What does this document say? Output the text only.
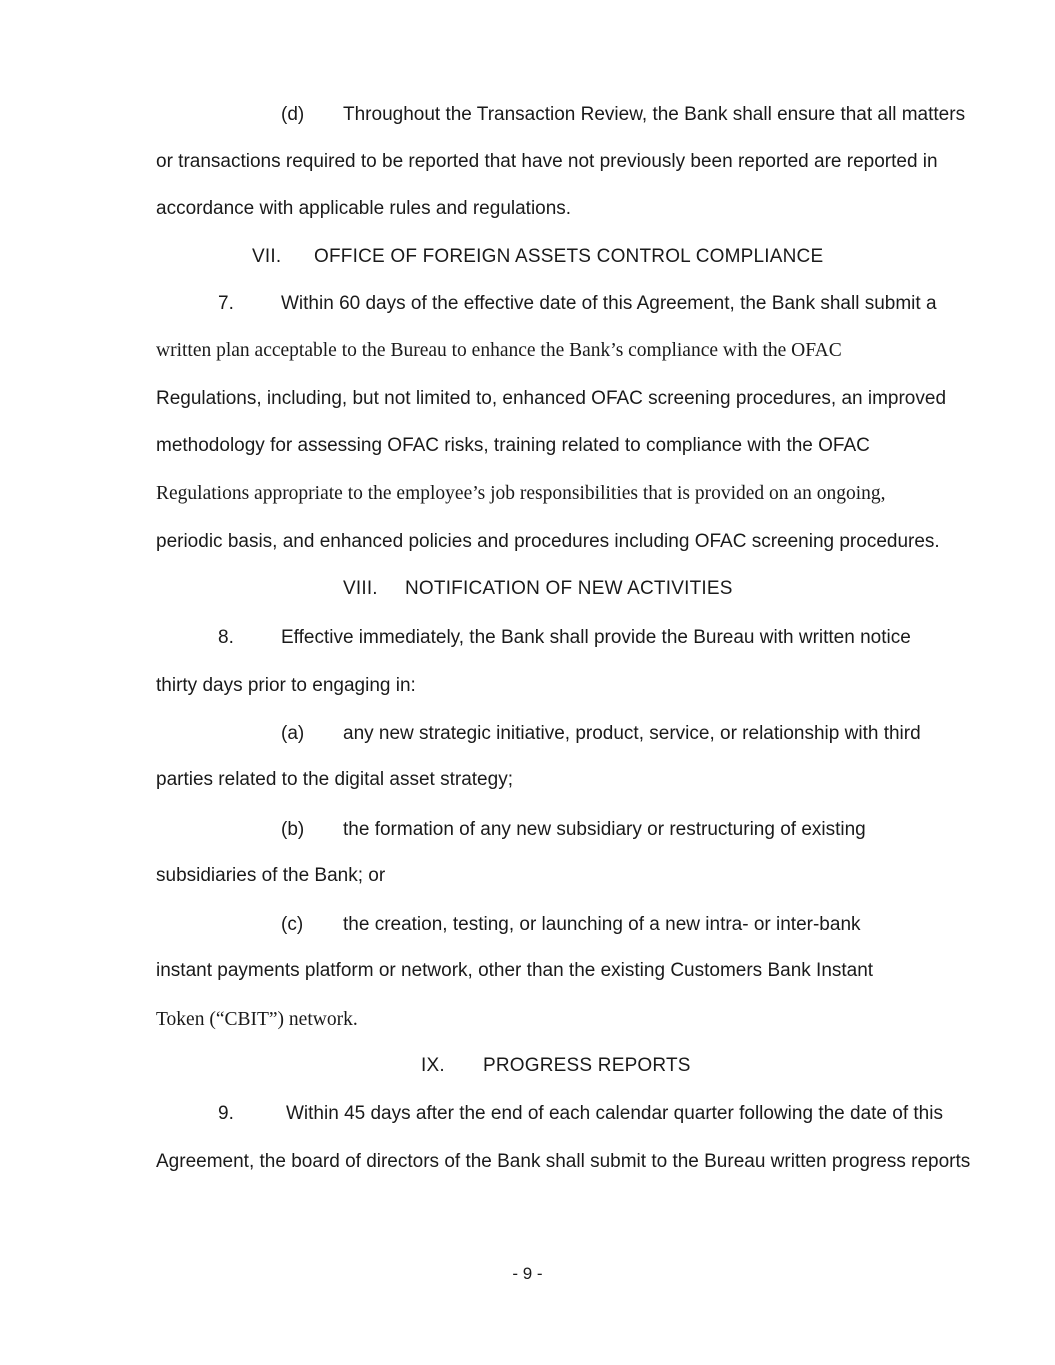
(d) Throughout the Transaction Review, the Bank shall ensure that all matters
or transactions required to be reported that have not previously been reported are reported in
accordance with applicable rules and regulations.
VII. OFFICE OF FOREIGN ASSETS CONTROL COMPLIANCE
7. Within 60 days of the effective date of this Agreement, the Bank shall submit a
written plan acceptable to the Bureau to enhance the Bank’s compliance with the OFAC
Regulations, including, but not limited to, enhanced OFAC screening procedures, an improved
methodology for assessing OFAC risks, training related to compliance with the OFAC
Regulations appropriate to the employee’s job responsibilities that is provided on an ongoing,
periodic basis, and enhanced policies and procedures including OFAC screening procedures.
VIII. NOTIFICATION OF NEW ACTIVITIES
8. Effective immediately, the Bank shall provide the Bureau with written notice
thirty days prior to engaging in:
(a) any new strategic initiative, product, service, or relationship with third
parties related to the digital asset strategy;
(b) the formation of any new subsidiary or restructuring of existing
subsidiaries of the Bank; or
(c) the creation, testing, or launching of a new intra- or inter-bank
instant payments platform or network, other than the existing Customers Bank Instant
Token (“CBIT”) network.
IX. PROGRESS REPORTS
9.	Within 45 days after the end of each calendar quarter following the date of this
Agreement, the board of directors of the Bank shall submit to the Bureau written progress reports
- 9 -
